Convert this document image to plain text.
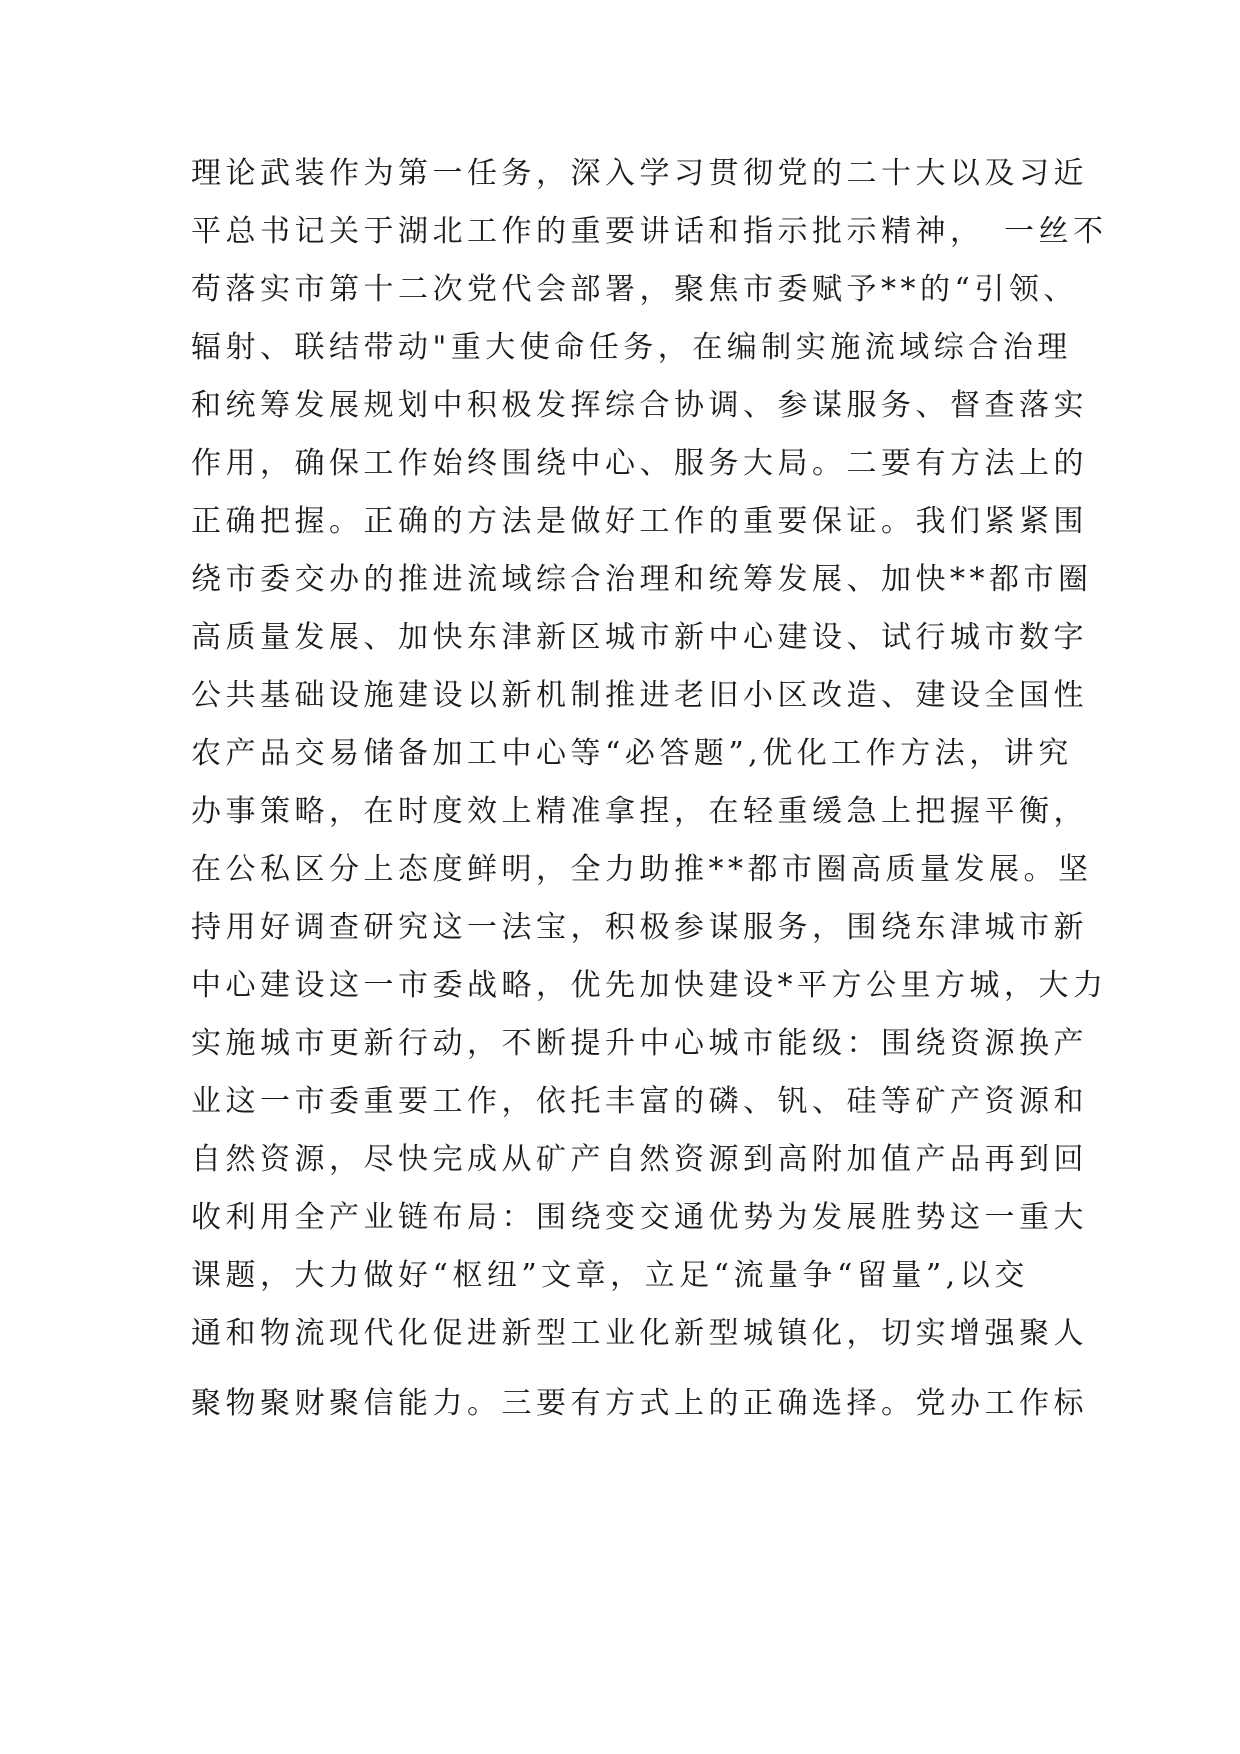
理论武装作为第一任务，深入学习贯彻党的二十大以及习近
平总书记关于湖北工作的重要讲话和指示批示精神，　一丝不
苟落实市第十二次党代会部署，聚焦市委赋予**的“引领、
辐射、联结带动"重大使命任务，在编制实施流域综合治理
和统筹发展规划中积极发挥综合协调、参谋服务、督查落实
作用，确保工作始终围绕中心、服务大局。二要有方法上的
正确把握。正确的方法是做好工作的重要保证。我们紧紧围
绕市委交办的推进流域综合治理和统筹发展、加快**都市圈
高质量发展、加快东津新区城市新中心建设、试行城市数字
公共基础设施建设以新机制推进老旧小区改造、建设全国性
农产品交易储备加工中心等“必答题”,优化工作方法，讲究
办事策略，在时度效上精准拿捏，在轻重缓急上把握平衡，
在公私区分上态度鲜明，全力助推**都市圈高质量发展。坚
持用好调查研究这一法宝，积极参谋服务，围绕东津城市新
中心建设这一市委战略，优先加快建设*平方公里方城，大力
实施城市更新行动，不断提升中心城市能级：围绕资源换产
业这一市委重要工作，依托丰富的磷、钒、硅等矿产资源和
自然资源，尽快完成从矿产自然资源到高附加值产品再到回
收利用全产业链布局：围绕变交通优势为发展胜势这一重大
课题，大力做好“枢纽”文章，立足“流量争“留量”,以交
通和物流现代化促进新型工业化新型城镇化，切实增强聚人
聚物聚财聚信能力。三要有方式上的正确选择。党办工作标
